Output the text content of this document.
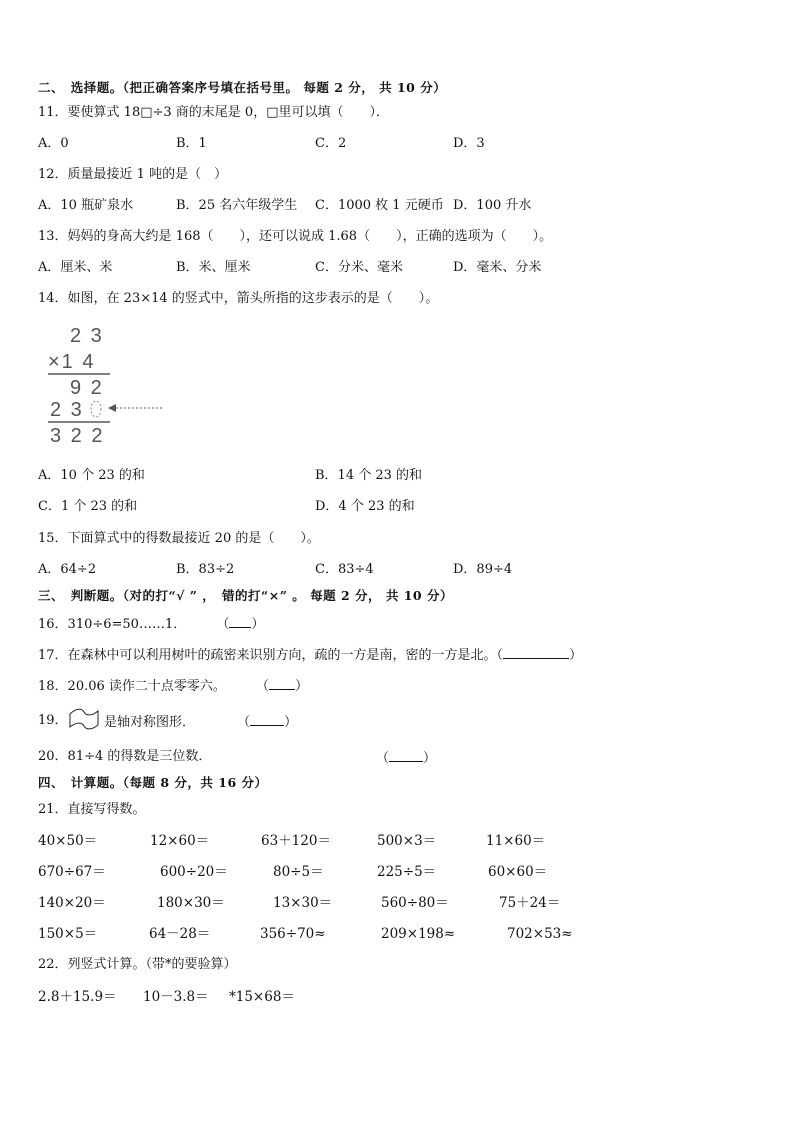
二、　选择题。（把正确答案序号填在括号里。 每题 2 分， 共 10 分）
11．要使算式 18□÷3 商的末尾是 0，□里可以填（　　）．
A．0	B．1	C．2	D．3
12．质量最接近 1 吨的是（　）
A．10 瓶矿泉水	B．25 名六年级学生 C．1000 枚 1 元硬币 D．100 升水
13．妈妈的身高大约是 168（　　），还可以说成 1.68（　　），正确的选项为（　　）。
A．厘米、米	B．米、厘米	C．分米、毫米	D．毫米、分米
14．如图，在 23×14 的竖式中，箭头所指的这步表示的是（　　）。
2 3
×1 4
9 2
2 3
3 2 2
A．10 个 23 的和	B．14 个 23 的和
C．1 个 23 的和	D．4 个 23 的和
15．下面算式中的得数最接近 20 的是（　　）。
A．64÷2	B．83÷2	C．83÷4	D．89÷4
三、　判断题。（对的打“√ ” ，　错的打“×” 。 每题 2 分， 共 10 分）
16．310÷6=50……1． （ ）
17．在森林中可以利用树叶的疏密来识别方向，疏的一方是南，密的一方是北。（	）
18．20.06 读作二十点零零六。 （ ）
19．	是轴对称图形．	（	）
20．81÷4 的得数是三位数．	（	）
四、　计算题。（每题 8 分，共 16 分）
21．直接写得数。
40×50＝	12×60＝	63＋120＝	500×3＝	11×60＝
670÷67＝	600÷20＝	80÷5＝	225÷5＝	60×60＝
140×20＝	180×30＝	13×30＝	560÷80＝	75＋24＝
150×5＝	64－28＝	356÷70≈	209×198≈	702×53≈
22．列竖式计算。（带*的要验算）
2.8＋15.9＝ 10－3.8＝ *15×68＝
